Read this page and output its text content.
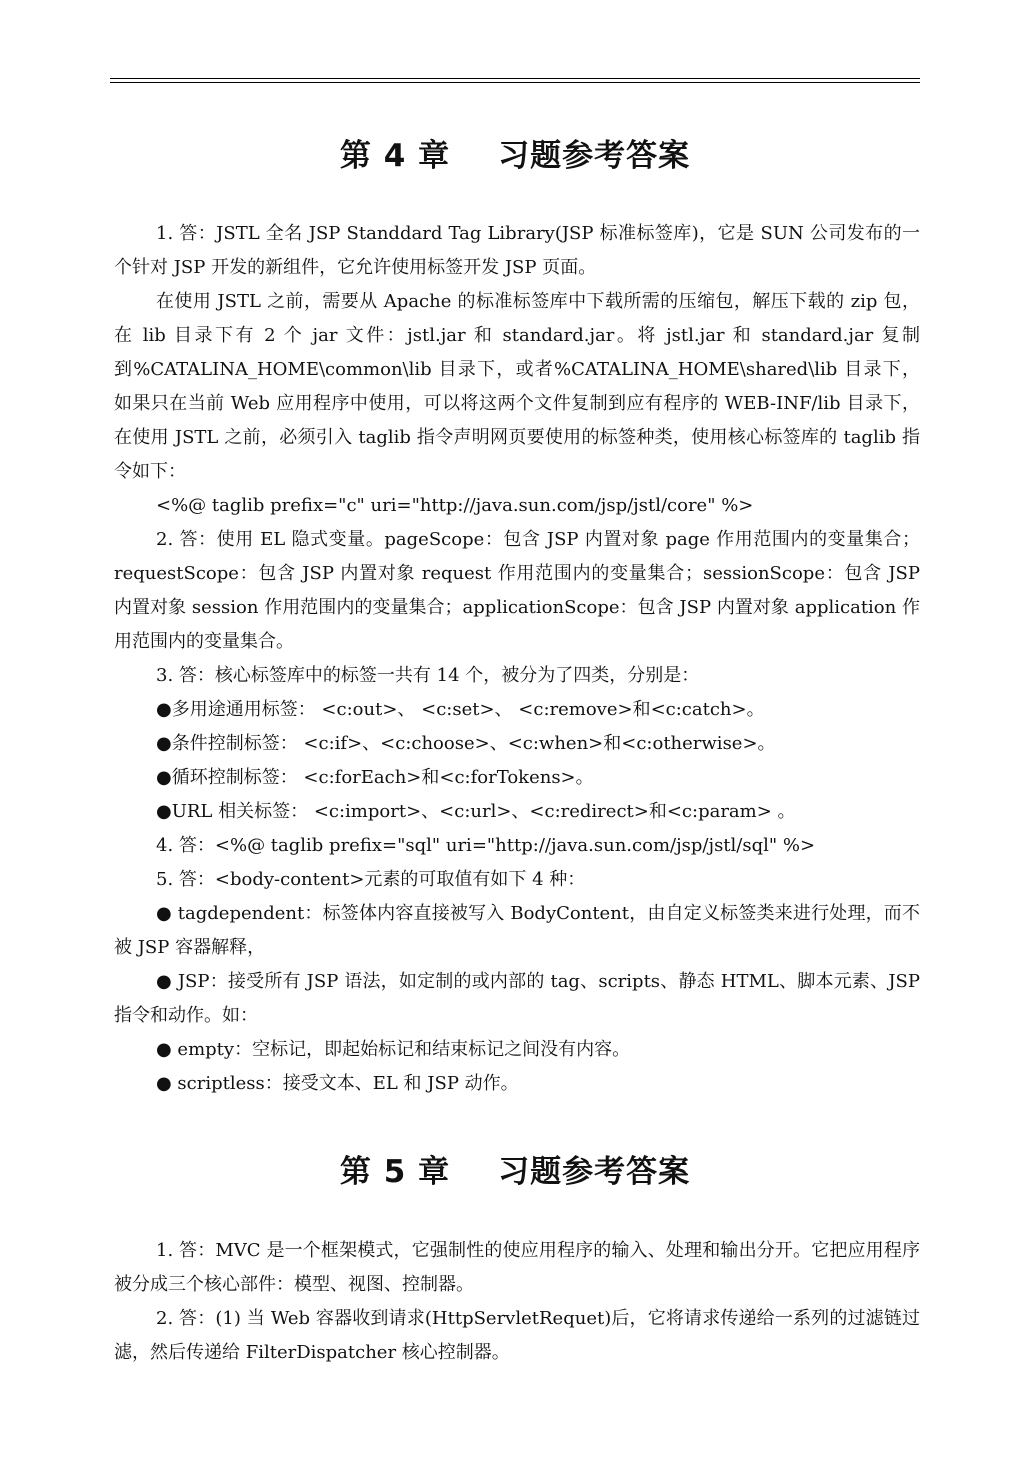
第 4 章 习题参考答案

1. 答：JSTL 全名 JSP Standdard Tag Library(JSP 标准标签库)，它是 SUN 公司发布的一个针对 JSP 开发的新组件，它允许使用标签开发 JSP 页面。

在使用 JSTL 之前，需要从 Apache 的标准标签库中下载所需的压缩包，解压下载的 zip 包，在 lib 目录下有 2 个 jar 文件：jstl.jar 和 standard.jar。将 jstl.jar 和 standard.jar 复制到%CATALINA_HOME\common\lib 目录下，或者%CATALINA_HOME\shared\lib 目录下，如果只在当前 Web 应用程序中使用，可以将这两个文件复制到应有程序的 WEB-INF/lib 目录下，在使用 JSTL 之前，必须引入 taglib 指令声明网页要使用的标签种类，使用核心标签库的 taglib 指令如下：

<%@ taglib prefix="c" uri="http://java.sun.com/jsp/jstl/core" %>

2. 答：使用 EL 隐式变量。pageScope：包含 JSP 内置对象 page 作用范围内的变量集合；requestScope：包含 JSP 内置对象 request 作用范围内的变量集合；sessionScope：包含 JSP 内置对象 session 作用范围内的变量集合；applicationScope：包含 JSP 内置对象 application 作用范围内的变量集合。

3. 答：核心标签库中的标签一共有 14 个，被分为了四类，分别是：

●多用途通用标签： <c:out>、 <c:set>、 <c:remove>和<c:catch>。

●条件控制标签： <c:if>、<c:choose>、<c:when>和<c:otherwise>。

●循环控制标签： <c:forEach>和<c:forTokens>。

●URL 相关标签： <c:import>、<c:url>、<c:redirect>和<c:param> 。

4. 答：<%@ taglib prefix="sql" uri="http://java.sun.com/jsp/jstl/sql" %>

5. 答：<body-content>元素的可取值有如下 4 种：

● tagdependent：标签体内容直接被写入 BodyContent，由自定义标签类来进行处理，而不被 JSP 容器解释，

● JSP：接受所有 JSP 语法，如定制的或内部的 tag、scripts、静态 HTML、脚本元素、JSP 指令和动作。如：

● empty：空标记，即起始标记和结束标记之间没有内容。

● scriptless：接受文本、EL 和 JSP 动作。

第 5 章 习题参考答案

1. 答：MVC 是一个框架模式，它强制性的使应用程序的输入、处理和输出分开。它把应用程序被分成三个核心部件：模型、视图、控制器。

2. 答：(1) 当 Web 容器收到请求(HttpServletRequet)后，它将请求传递给一系列的过滤链过滤，然后传递给 FilterDispatcher 核心控制器。
